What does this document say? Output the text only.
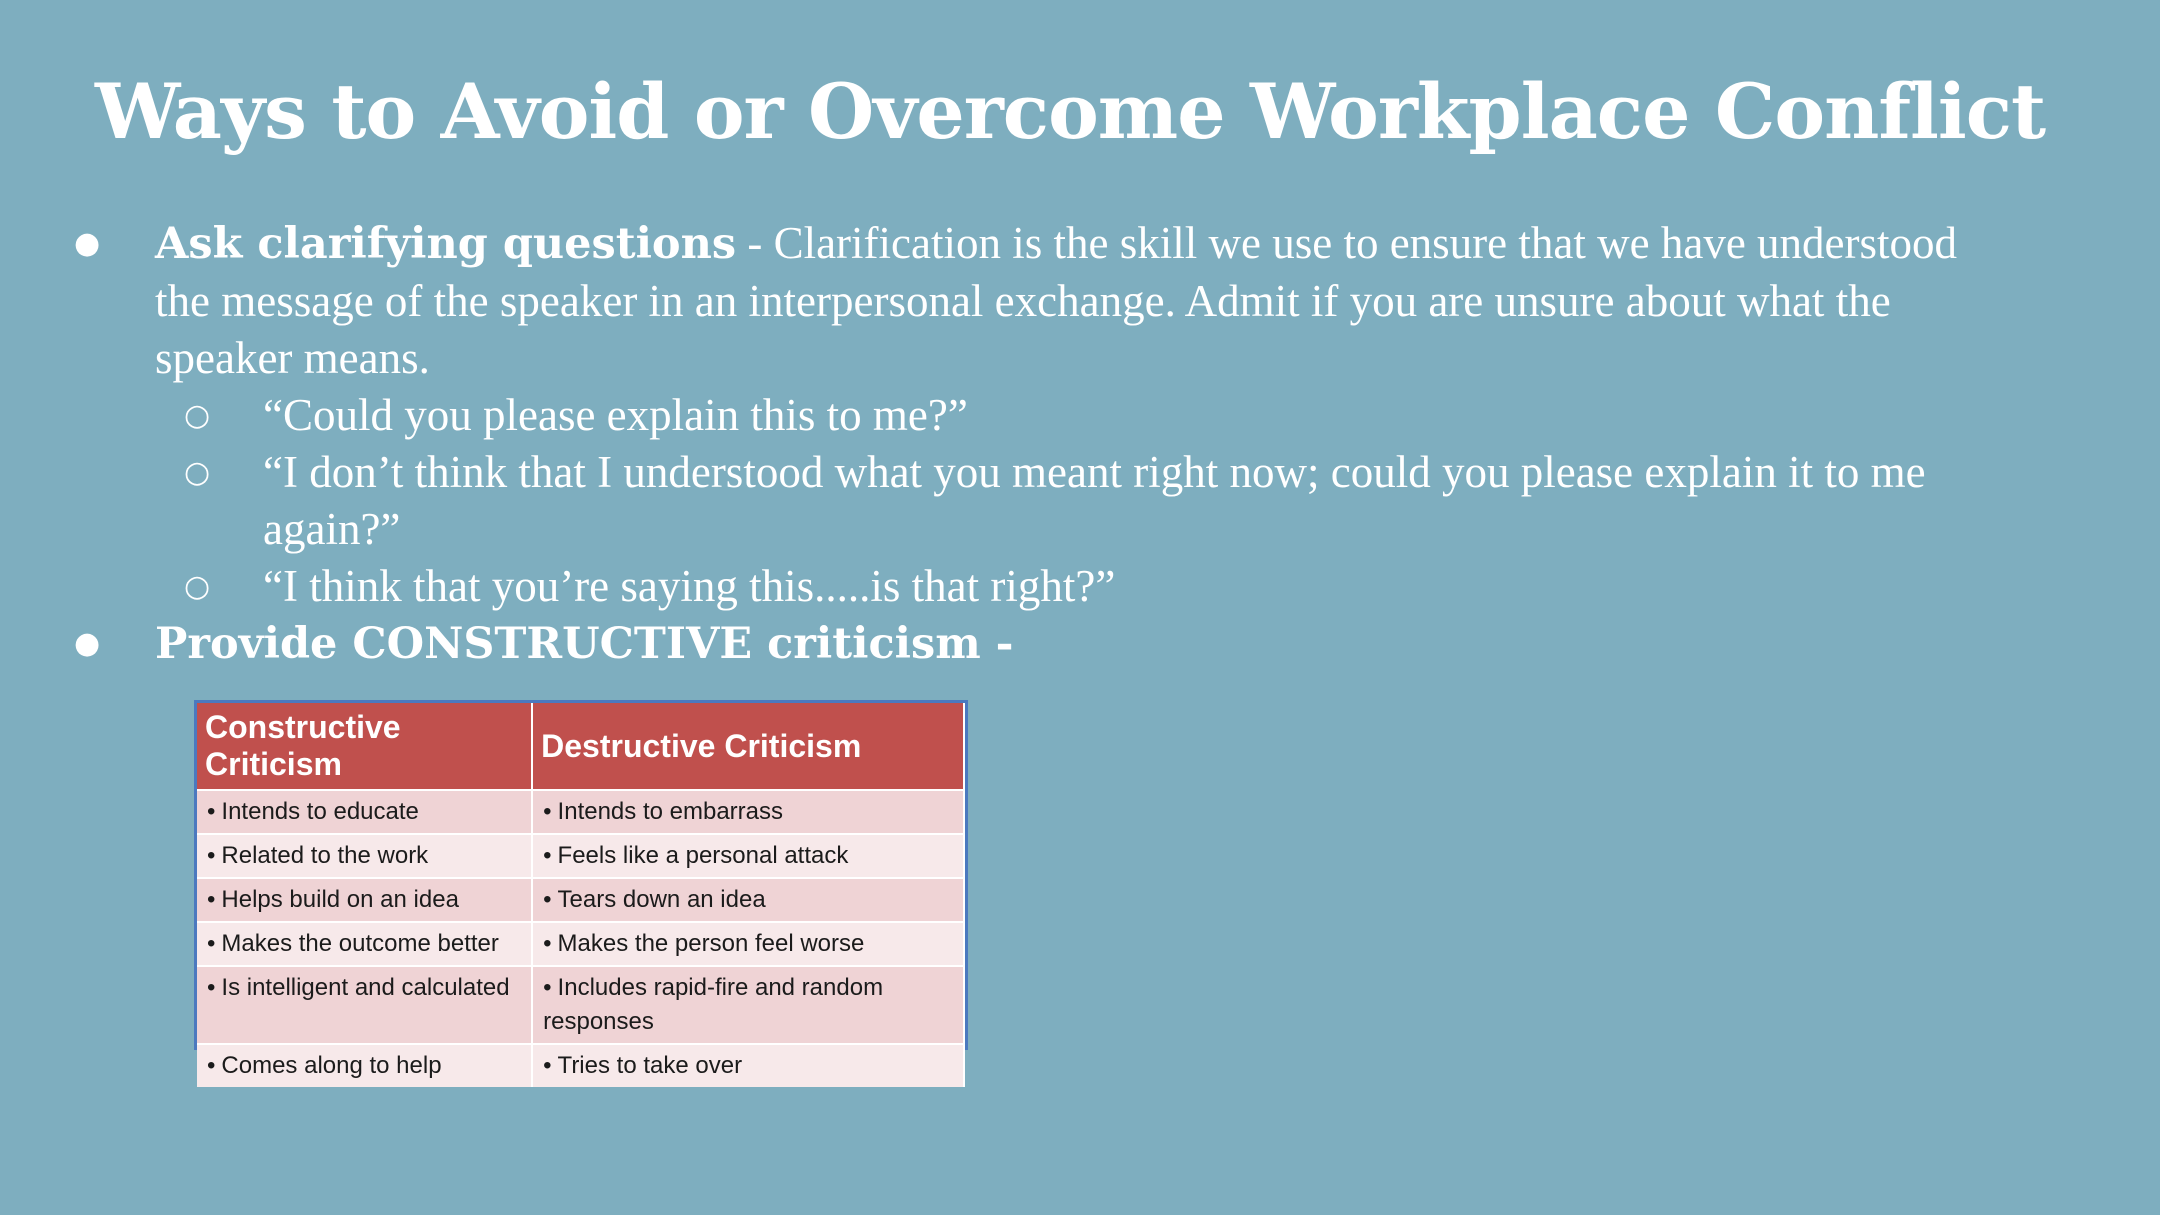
Ways to Avoid or Overcome Workplace Conflict
● Ask clarifying questions - Clarification is the skill we use to ensure that we have understood the message of the speaker in an interpersonal exchange. Admit if you are unsure about what the speaker means.
○ “Could you please explain this to me?”
○ “I don’t think that I understood what you meant right now; could you please explain it to me again?”
○ “I think that you’re saying this.....is that right?”
● Provide CONSTRUCTIVE criticism -
Constructive Criticism	Destructive Criticism
• Intends to educate	• Intends to embarrass
• Related to the work	• Feels like a personal attack
• Helps build on an idea	• Tears down an idea
• Makes the outcome better	• Makes the person feel worse
• Is intelligent and calculated	• Includes rapid-fire and random responses
• Comes along to help	• Tries to take over
